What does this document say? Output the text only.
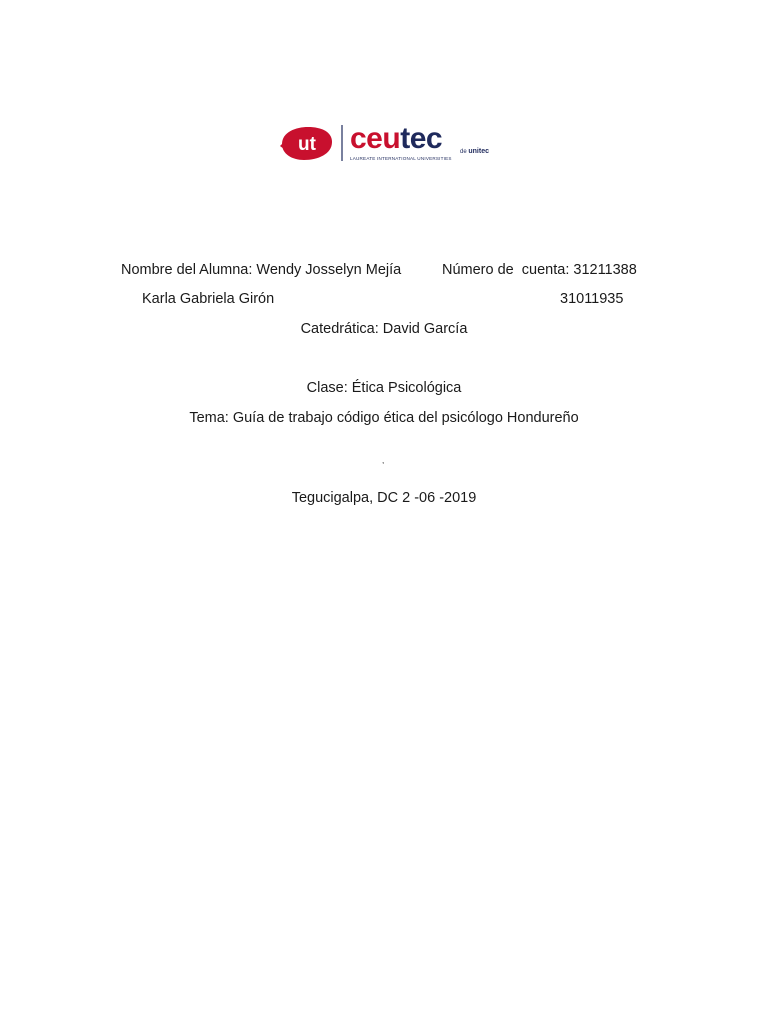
ut ceutec	de unitec
LAUREATE INTERNATIONAL UNIVERSITIES
Nombre del Alumna: Wendy Josselyn Mejía	Número de  cuenta: 31211388
Karla Gabriela Girón	31011935
Catedrática: David García
Clase: Ética Psicológica
Tema: Guía de trabajo código ética del psicólogo Hondureño
,
Tegucigalpa, DC 2 -06 -2019
